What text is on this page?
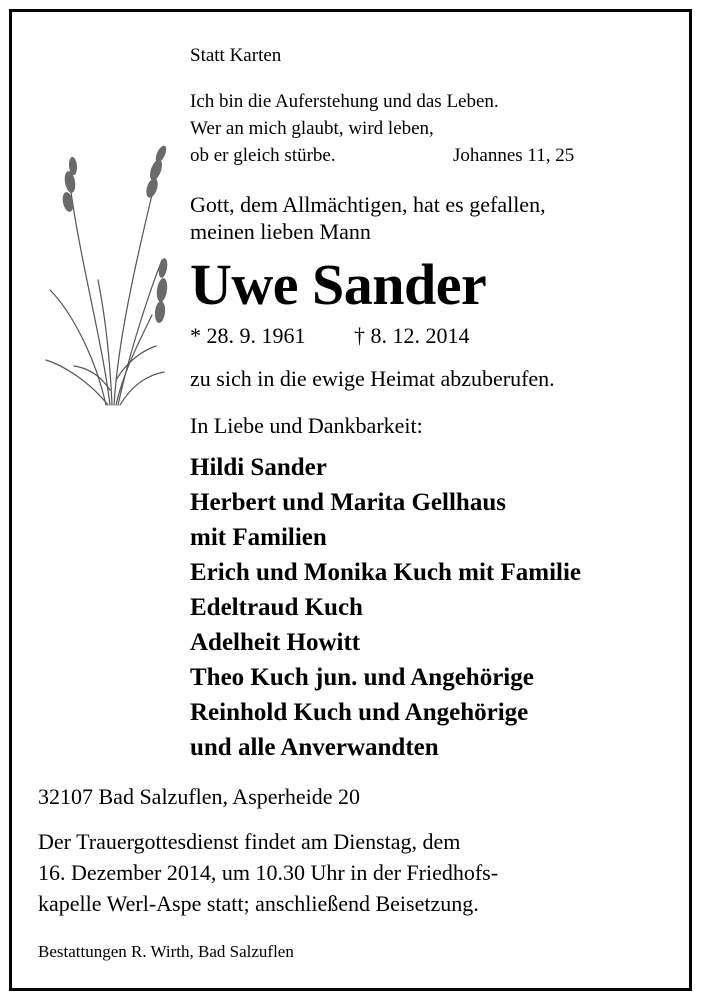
Statt Karten

Ich bin die Auferstehung und das Leben.

Wer an mich glaubt, wird leben,

ob er gleich stürbe.	Johannes 11, 25

Gott, dem Allmächtigen, hat es gefallen,

meinen lieben Mann

Uwe Sander

* 28. 9. 1961 † 8. 12. 2014

zu sich in die ewige Heimat abzuberufen.

In Liebe und Dankbarkeit:

Hildi Sander

Herbert und Marita Gellhaus

mit Familien

Erich und Monika Kuch mit Familie

Edeltraud Kuch

Adelheit Howitt

Theo Kuch jun. und Angehörige

Reinhold Kuch und Angehörige

und alle Anverwandten

32107 Bad Salzuflen, Asperheide 20

Der Trauergottesdienst findet am Dienstag, dem

16. Dezember 2014, um 10.30 Uhr in der Friedhofs-

kapelle Werl-Aspe statt; anschließend Beisetzung.

Bestattungen R. Wirth, Bad Salzuflen
